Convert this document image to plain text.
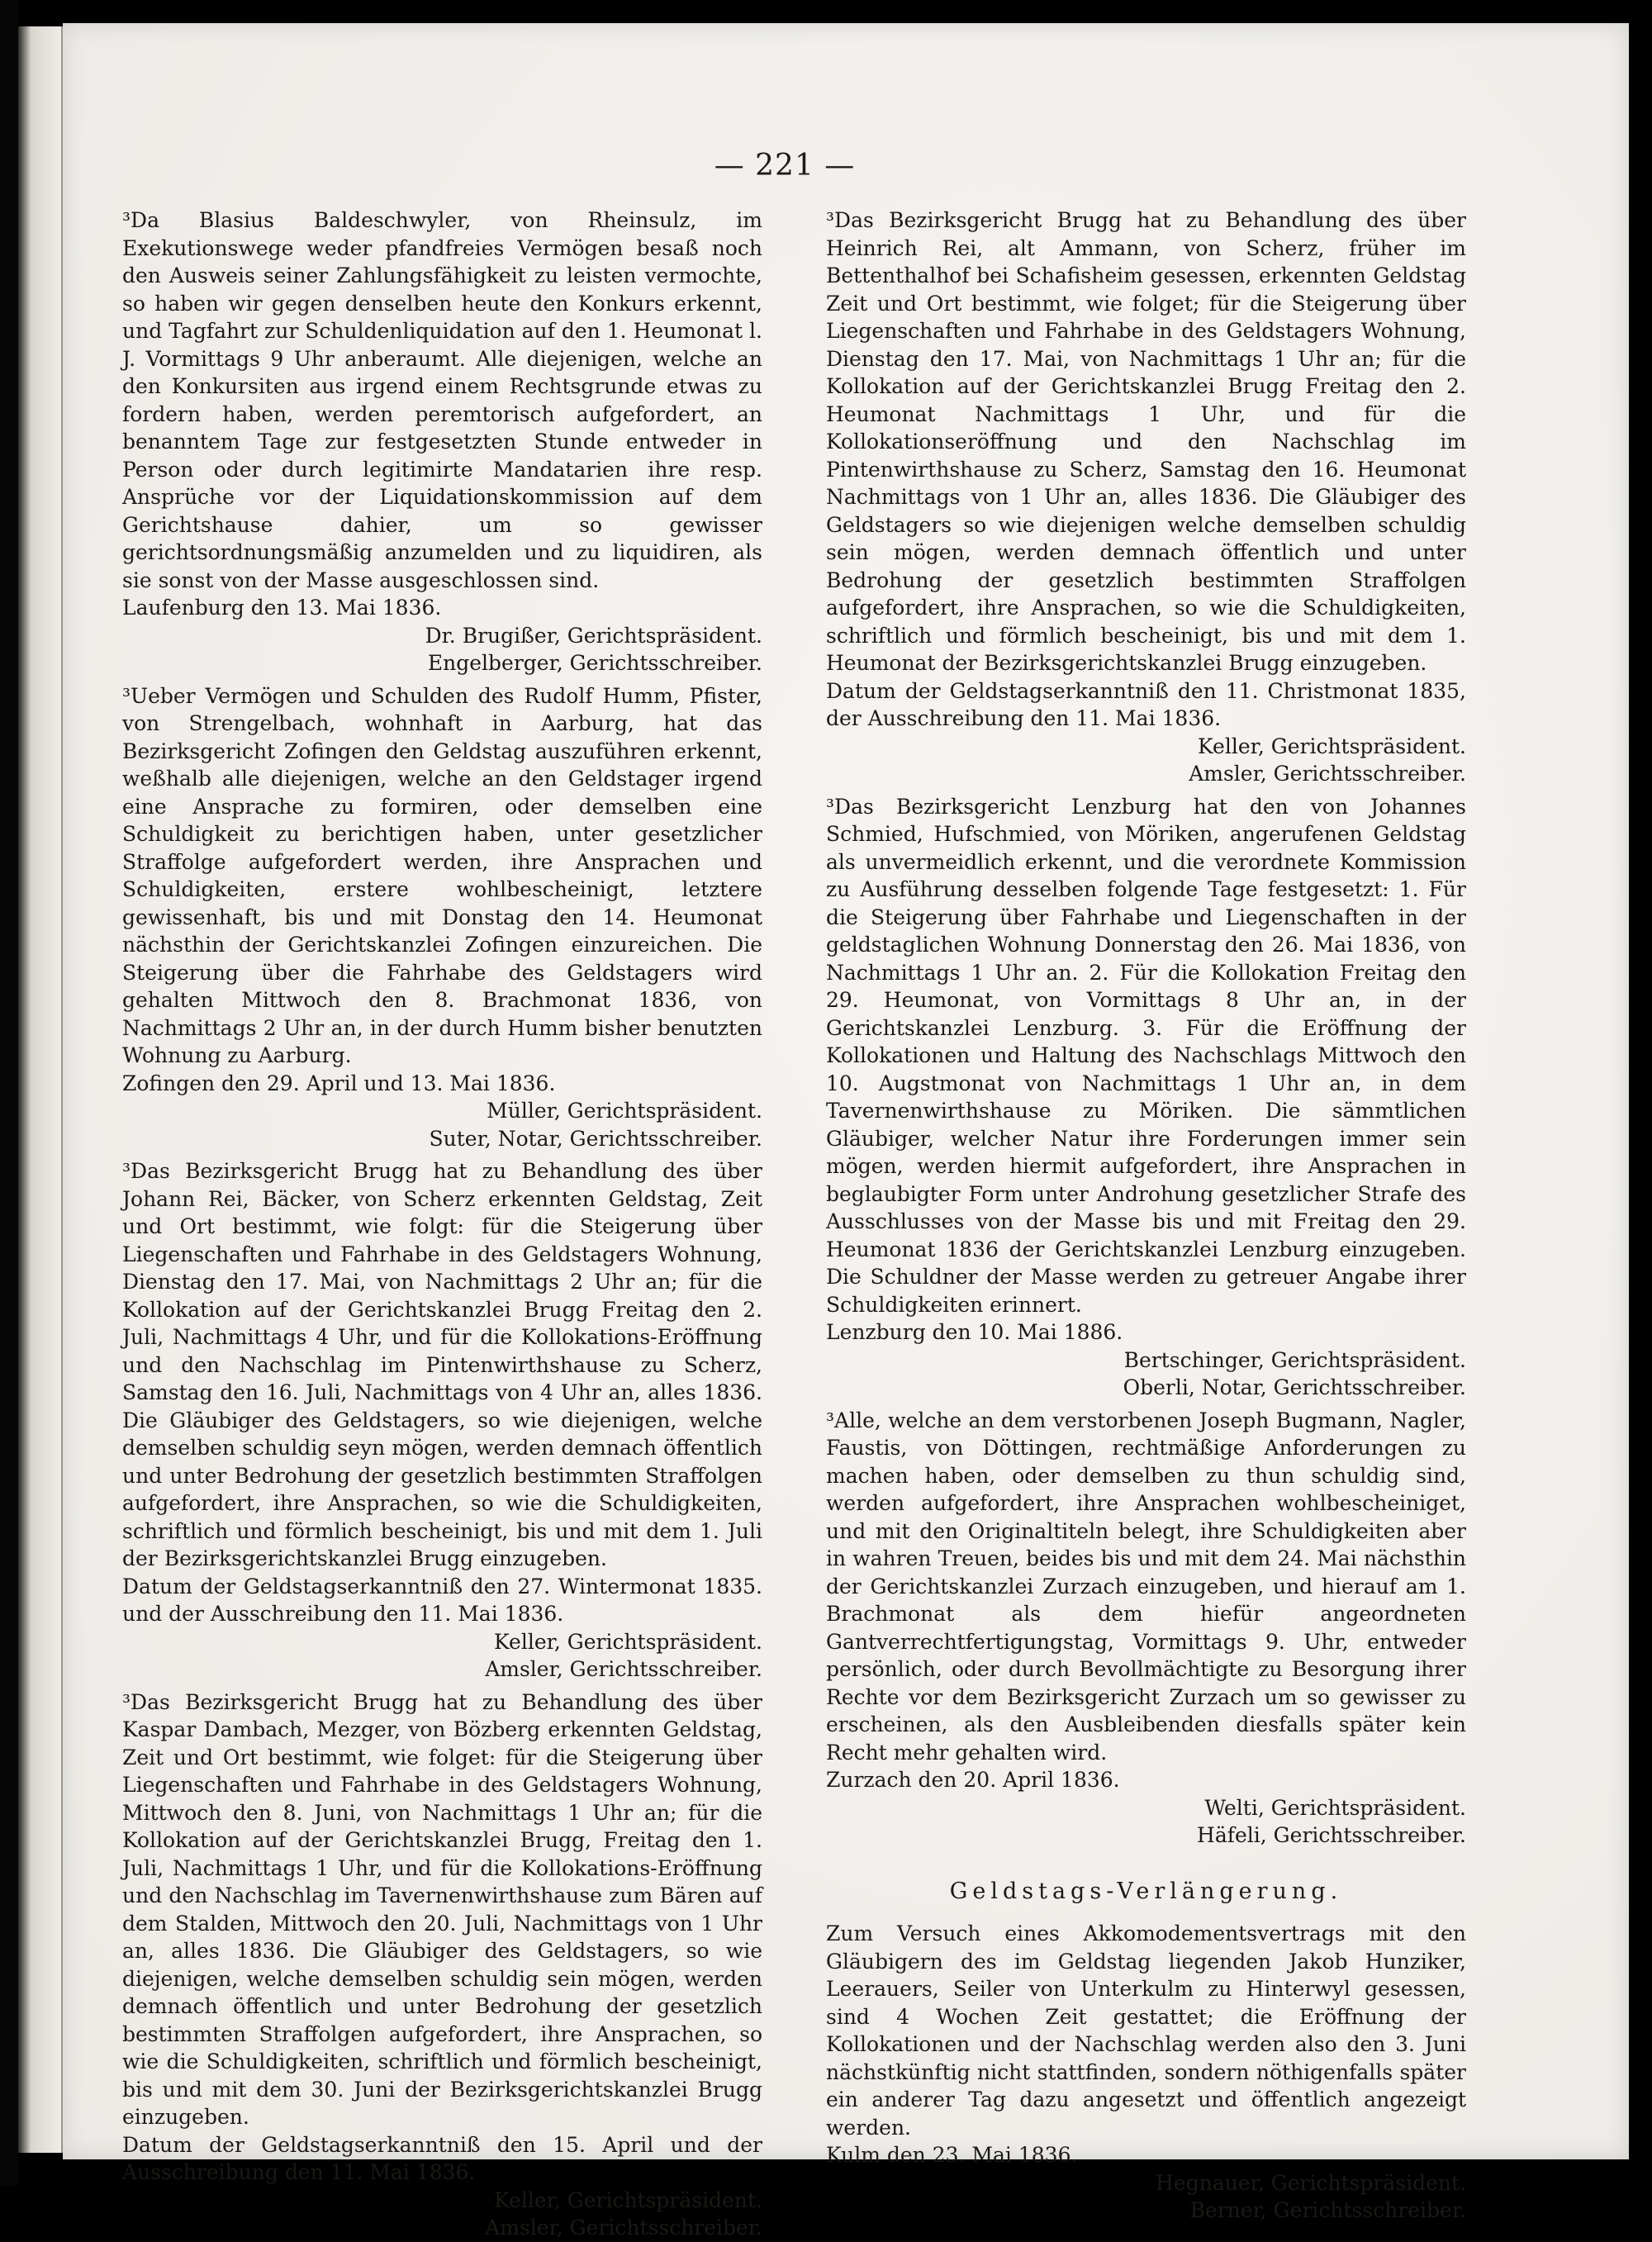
— 221 —

³Da Blasius Baldeschwyler, von Rheinsulz, im Exekutionswege weder pfandfreies Vermögen besaß noch den Ausweis seiner Zahlungsfähigkeit zu leisten vermochte, so haben wir gegen denselben heute den Konkurs erkennt, und Tagfahrt zur Schuldenliquidation auf den 1. Heumonat l. J. Vormittags 9 Uhr anberaumt. Alle diejenigen, welche an den Konkursiten aus irgend einem Rechtsgrunde etwas zu fordern haben, werden peremtorisch aufgefordert, an benanntem Tage zur festgesetzten Stunde entweder in Person oder durch legitimirte Mandatarien ihre resp. Ansprüche vor der Liquidationskommission auf dem Gerichtshause dahier, um so gewisser gerichtsordnungsmäßig anzumelden und zu liquidiren, als sie sonst von der Masse ausgeschlossen sind.

Laufenburg den 13. Mai 1836.

Dr. Brugißer, Gerichtspräsident.

Engelberger, Gerichtsschreiber.

³Ueber Vermögen und Schulden des Rudolf Humm, Pfister, von Strengelbach, wohnhaft in Aarburg, hat das Bezirksgericht Zofingen den Geldstag auszuführen erkennt, weßhalb alle diejenigen, welche an den Geldstager irgend eine Ansprache zu formiren, oder demselben eine Schuldigkeit zu berichtigen haben, unter gesetzlicher Straffolge aufgefordert werden, ihre Ansprachen und Schuldigkeiten, erstere wohlbescheinigt, letztere gewissenhaft, bis und mit Donstag den 14. Heumonat nächsthin der Gerichtskanzlei Zofingen einzureichen. Die Steigerung über die Fahrhabe des Geldstagers wird gehalten Mittwoch den 8. Brachmonat 1836, von Nachmittags 2 Uhr an, in der durch Humm bisher benutzten Wohnung zu Aarburg.

Zofingen den 29. April und 13. Mai 1836.

Müller, Gerichtspräsident.

Suter, Notar, Gerichtsschreiber.

³Das Bezirksgericht Brugg hat zu Behandlung des über Johann Rei, Bäcker, von Scherz erkennten Geldstag, Zeit und Ort bestimmt, wie folgt: für die Steigerung über Liegenschaften und Fahrhabe in des Geldstagers Wohnung, Dienstag den 17. Mai, von Nachmittags 2 Uhr an; für die Kollokation auf der Gerichtskanzlei Brugg Freitag den 2. Juli, Nachmittags 4 Uhr, und für die Kollokations-Eröffnung und den Nachschlag im Pintenwirthshause zu Scherz, Samstag den 16. Juli, Nachmittags von 4 Uhr an, alles 1836. Die Gläubiger des Geldstagers, so wie diejenigen, welche demselben schuldig seyn mögen, werden demnach öffentlich und unter Bedrohung der gesetzlich bestimmten Straffolgen aufgefordert, ihre Ansprachen, so wie die Schuldigkeiten, schriftlich und förmlich bescheinigt, bis und mit dem 1. Juli der Bezirksgerichtskanzlei Brugg einzugeben.

Datum der Geldstagserkanntniß den 27. Wintermonat 1835. und der Ausschreibung den 11. Mai 1836.

Keller, Gerichtspräsident.

Amsler, Gerichtsschreiber.

³Das Bezirksgericht Brugg hat zu Behandlung des über Kaspar Dambach, Mezger, von Bözberg erkennten Geldstag, Zeit und Ort bestimmt, wie folget: für die Steigerung über Liegenschaften und Fahrhabe in des Geldstagers Wohnung, Mittwoch den 8. Juni, von Nachmittags 1 Uhr an; für die Kollokation auf der Gerichtskanzlei Brugg, Freitag den 1. Juli, Nachmittags 1 Uhr, und für die Kollokations-Eröffnung und den Nachschlag im Tavernenwirthshause zum Bären auf dem Stalden, Mittwoch den 20. Juli, Nachmittags von 1 Uhr an, alles 1836. Die Gläubiger des Geldstagers, so wie diejenigen, welche demselben schuldig sein mögen, werden demnach öffentlich und unter Bedrohung der gesetzlich bestimmten Straffolgen aufgefordert, ihre Ansprachen, so wie die Schuldigkeiten, schriftlich und förmlich bescheinigt, bis und mit dem 30. Juni der Bezirksgerichtskanzlei Brugg einzugeben.

Datum der Geldstagserkanntniß den 15. April und der Ausschreibung den 11. Mai 1836.

Keller, Gerichtspräsident.

Amsler, Gerichtsschreiber.

³Das Bezirksgericht Brugg hat zu Behandlung des über Heinrich Rei, alt Ammann, von Scherz, früher im Bettenthalhof bei Schafisheim gesessen, erkennten Geldstag Zeit und Ort bestimmt, wie folget; für die Steigerung über Liegenschaften und Fahrhabe in des Geldstagers Wohnung, Dienstag den 17. Mai, von Nachmittags 1 Uhr an; für die Kollokation auf der Gerichtskanzlei Brugg Freitag den 2. Heumonat Nachmittags 1 Uhr, und für die Kollokationseröffnung und den Nachschlag im Pintenwirthshause zu Scherz, Samstag den 16. Heumonat Nachmittags von 1 Uhr an, alles 1836. Die Gläubiger des Geldstagers so wie diejenigen welche demselben schuldig sein mögen, werden demnach öffentlich und unter Bedrohung der gesetzlich bestimmten Straffolgen aufgefordert, ihre Ansprachen, so wie die Schuldigkeiten, schriftlich und förmlich bescheinigt, bis und mit dem 1. Heumonat der Bezirksgerichtskanzlei Brugg einzugeben.

Datum der Geldstagserkanntniß den 11. Christmonat 1835, der Ausschreibung den 11. Mai 1836.

Keller, Gerichtspräsident.

Amsler, Gerichtsschreiber.

³Das Bezirksgericht Lenzburg hat den von Johannes Schmied, Hufschmied, von Möriken, angerufenen Geldstag als unvermeidlich erkennt, und die verordnete Kommission zu Ausführung desselben folgende Tage festgesetzt: 1. Für die Steigerung über Fahrhabe und Liegenschaften in der geldstaglichen Wohnung Donnerstag den 26. Mai 1836, von Nachmittags 1 Uhr an. 2. Für die Kollokation Freitag den 29. Heumonat, von Vormittags 8 Uhr an, in der Gerichtskanzlei Lenzburg. 3. Für die Eröffnung der Kollokationen und Haltung des Nachschlags Mittwoch den 10. Augstmonat von Nachmittags 1 Uhr an, in dem Tavernenwirthshause zu Möriken. Die sämmtlichen Gläubiger, welcher Natur ihre Forderungen immer sein mögen, werden hiermit aufgefordert, ihre Ansprachen in beglaubigter Form unter Androhung gesetzlicher Strafe des Ausschlusses von der Masse bis und mit Freitag den 29. Heumonat 1836 der Gerichtskanzlei Lenzburg einzugeben. Die Schuldner der Masse werden zu getreuer Angabe ihrer Schuldigkeiten erinnert.

Lenzburg den 10. Mai 1886.

Bertschinger, Gerichtspräsident.

Oberli, Notar, Gerichtsschreiber.

³Alle, welche an dem verstorbenen Joseph Bugmann, Nagler, Faustis, von Döttingen, rechtmäßige Anforderungen zu machen haben, oder demselben zu thun schuldig sind, werden aufgefordert, ihre Ansprachen wohlbescheiniget, und mit den Originaltiteln belegt, ihre Schuldigkeiten aber in wahren Treuen, beides bis und mit dem 24. Mai nächsthin der Gerichtskanzlei Zurzach einzugeben, und hierauf am 1. Brachmonat als dem hiefür angeordneten Gantverrechtfertigungstag, Vormittags 9. Uhr, entweder persönlich, oder durch Bevollmächtigte zu Besorgung ihrer Rechte vor dem Bezirksgericht Zurzach um so gewisser zu erscheinen, als den Ausbleibenden diesfalls später kein Recht mehr gehalten wird.

Zurzach den 20. April 1836.

Welti, Gerichtspräsident.

Häfeli, Gerichtsschreiber.

Geldstags-Verlängerung.

Zum Versuch eines Akkomodementsvertrags mit den Gläubigern des im Geldstag liegenden Jakob Hunziker, Leerauers, Seiler von Unterkulm zu Hinterwyl gesessen, sind 4 Wochen Zeit gestattet; die Eröffnung der Kollokationen und der Nachschlag werden also den 3. Juni nächstkünftig nicht stattfinden, sondern nöthigenfalls später ein anderer Tag dazu angesetzt und öffentlich angezeigt werden.

Kulm den 23. Mai 1836.

Hegnauer, Gerichtspräsident.

Berner, Gerichtsschreiber.
